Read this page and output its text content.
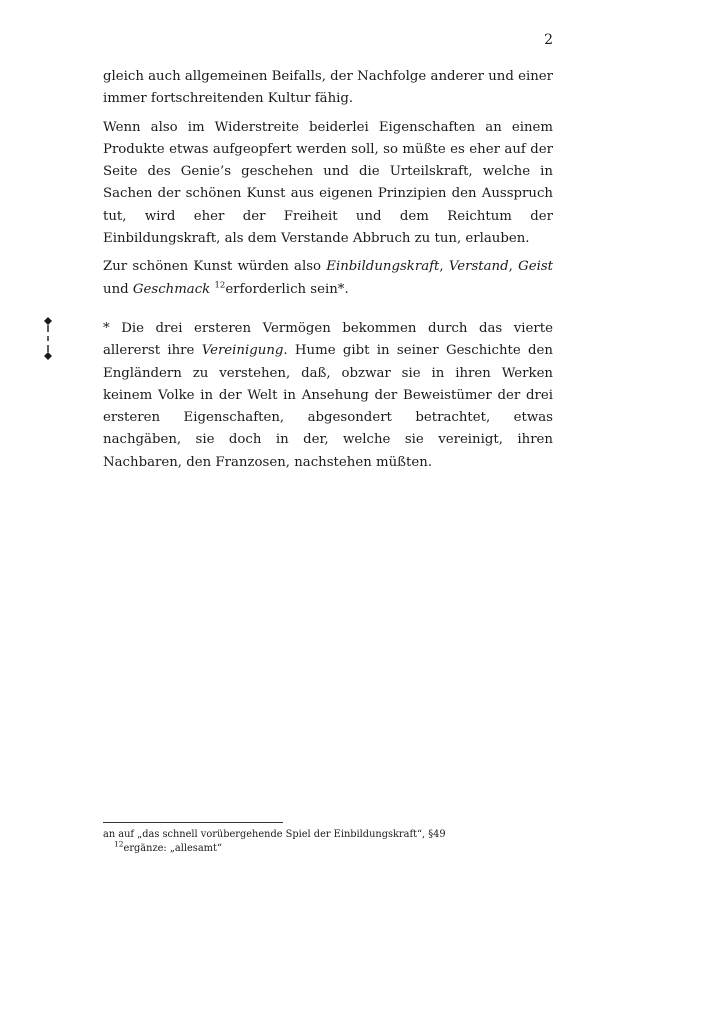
2

gleich auch allgemeinen Beifalls, der Nachfolge anderer und einer immer fortschreitenden Kultur fähig.

Wenn also im Widerstreite beiderlei Eigenschaften an einem Produkte etwas aufgeopfert werden soll, so müßte es eher auf der Seite des Genie’s geschehen und die Urteilskraft, welche in Sachen der schönen Kunst aus eigenen Prinzipien den Ausspruch tut, wird eher der Freiheit und dem Reichtum der Einbildungskraft, als dem Verstande Abbruch zu tun, erlauben.

Zur schönen Kunst würden also Einbildungskraft, Verstand, Geist und Geschmack $^{12}$erforderlich sein*.

* Die drei ersteren Vermögen bekommen durch das vierte allererst ihre Vereinigung. Hume gibt in seiner Geschichte den Engländern zu verstehen, daß, obzwar sie in ihren Werken keinem Volke in der Welt in Ansehung der Beweistümer der drei ersteren Eigenschaften, abgesondert betrachtet, etwas nachgäben, sie doch in der, welche sie vereinigt, ihren Nachbaren, den Franzosen, nachstehen müßten.

an auf „das schnell vorübergehende Spiel der Einbildungskraft“, §49
$^{12}$ergänze: „allesamt“
